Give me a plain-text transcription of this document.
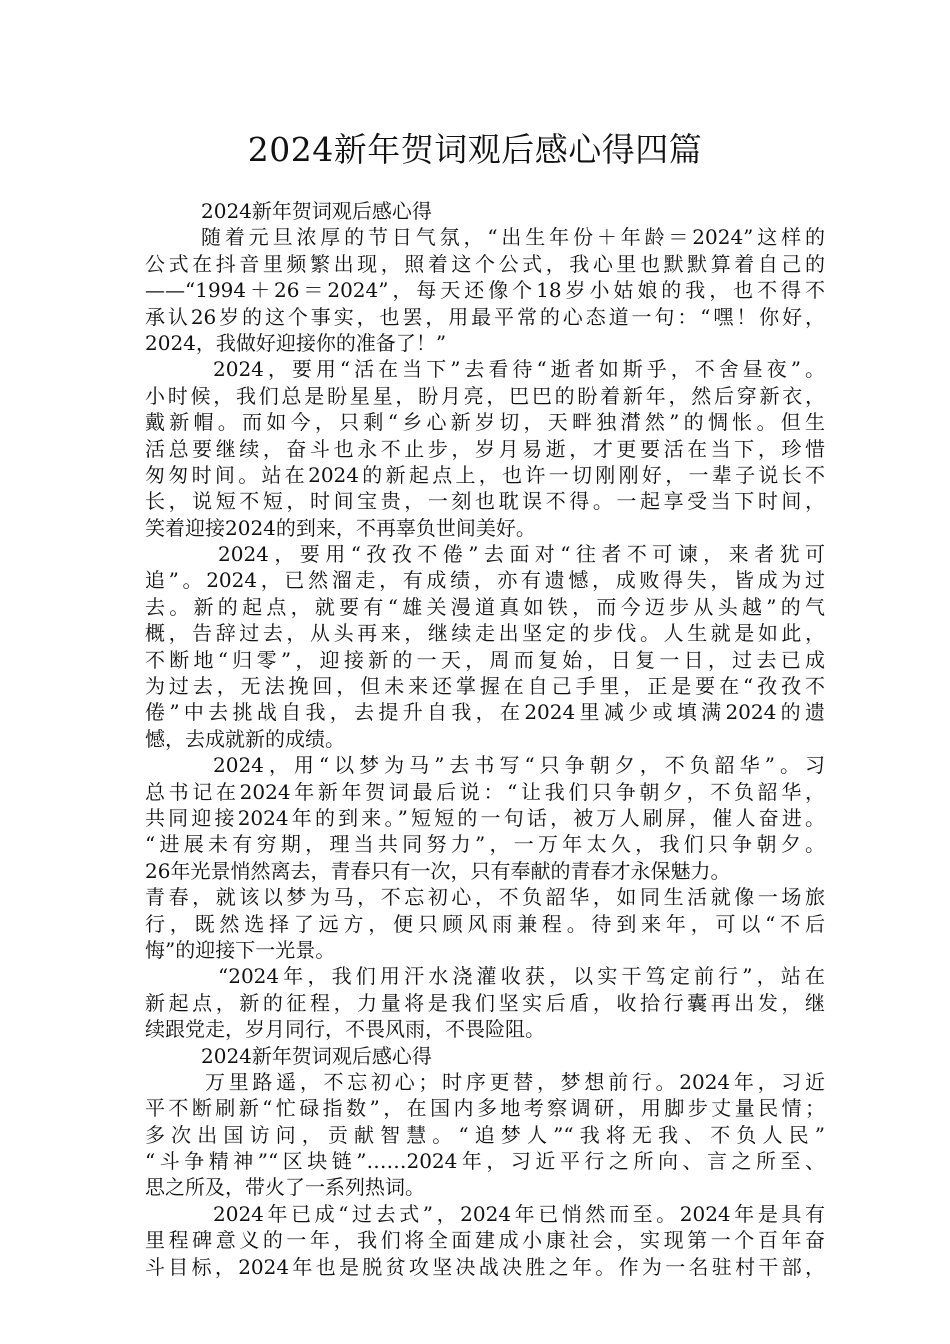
2024新年贺词观后感心得四篇
2024新年贺词观后感心得
随着元旦浓厚的节日气氛，“出生年份＋年龄＝2024”这样的
公式在抖音里频繁出现，照着这个公式，我心里也默默算着自己的
——“1994＋26＝2024”，每天还像个18岁小姑娘的我，也不得不
承认26岁的这个事实，也罢，用最平常的心态道一句：“嘿！你好，
2024，我做好迎接你的准备了！”
2024，要用“活在当下”去看待“逝者如斯乎，不舍昼夜”。
小时候，我们总是盼星星，盼月亮，巴巴的盼着新年，然后穿新衣，
戴新帽。而如今，只剩“乡心新岁切，天畔独潸然”的惆怅。但生
活总要继续，奋斗也永不止步，岁月易逝，才更要活在当下，珍惜
匆匆时间。站在2024的新起点上，也许一切刚刚好，一辈子说长不
长，说短不短，时间宝贵，一刻也耽误不得。一起享受当下时间，
笑着迎接2024的到来，不再辜负世间美好。
2024，要用“孜孜不倦”去面对“往者不可谏，来者犹可
追”。2024，已然溜走，有成绩，亦有遗憾，成败得失，皆成为过
去。新的起点，就要有“雄关漫道真如铁，而今迈步从头越”的气
概，告辞过去，从头再来，继续走出坚定的步伐。人生就是如此，
不断地“归零”，迎接新的一天，周而复始，日复一日，过去已成
为过去，无法挽回，但未来还掌握在自己手里，正是要在“孜孜不
倦”中去挑战自我，去提升自我，在2024里减少或填满2024的遗
憾，去成就新的成绩。
2024，用“以梦为马”去书写“只争朝夕，不负韶华”。习
总书记在2024年新年贺词最后说：“让我们只争朝夕，不负韶华，
共同迎接2024年的到来。”短短的一句话，被万人刷屏，催人奋进。
“进展未有穷期，理当共同努力”，一万年太久，我们只争朝夕。
26年光景悄然离去，青春只有一次，只有奉献的青春才永保魅力。
青春，就该以梦为马，不忘初心，不负韶华，如同生活就像一场旅
行，既然选择了远方，便只顾风雨兼程。待到来年，可以“不后
悔”的迎接下一光景。
“2024年，我们用汗水浇灌收获，以实干笃定前行”，站在
新起点，新的征程，力量将是我们坚实后盾，收拾行囊再出发，继
续跟党走，岁月同行，不畏风雨，不畏险阻。
2024新年贺词观后感心得
万里路遥，不忘初心；时序更替，梦想前行。2024年，习近
平不断刷新“忙碌指数”，在国内多地考察调研，用脚步丈量民情；
多次出国访问，贡献智慧。“追梦人”“我将无我、不负人民”
“斗争精神”“区块链”……2024年，习近平行之所向、言之所至、
思之所及，带火了一系列热词。
2024年已成“过去式”，2024年已悄然而至。2024年是具有
里程碑意义的一年，我们将全面建成小康社会，实现第一个百年奋
斗目标，2024年也是脱贫攻坚决战决胜之年。作为一名驻村干部，
